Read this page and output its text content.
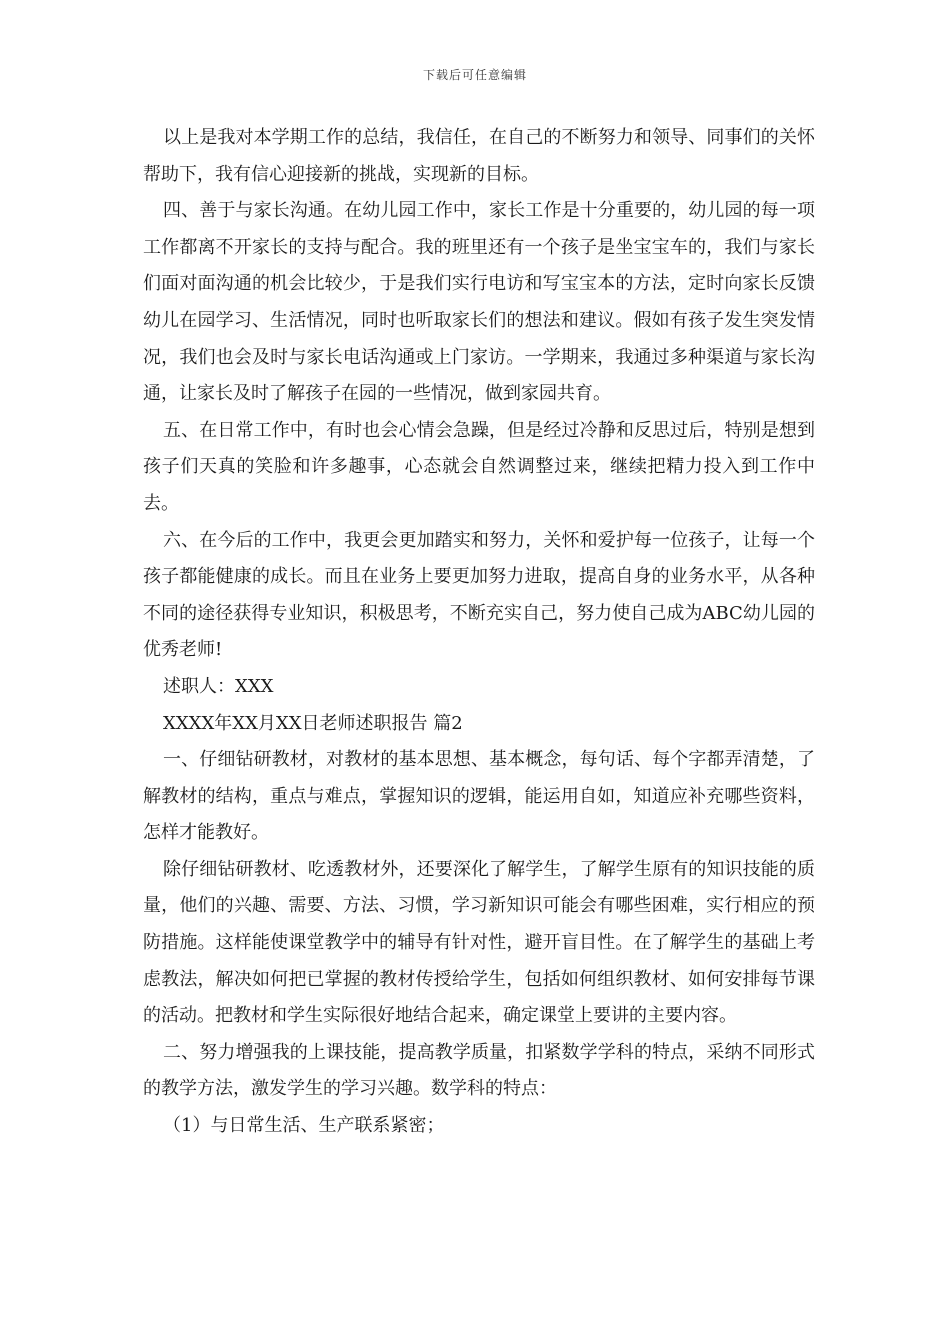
下载后可任意编辑

以上是我对本学期工作的总结，我信任，在自己的不断努力和领导、同事们的关怀帮助下，我有信心迎接新的挑战，实现新的目标。

四、善于与家长沟通。在幼儿园工作中，家长工作是十分重要的，幼儿园的每一项工作都离不开家长的支持与配合。我的班里还有一个孩子是坐宝宝车的，我们与家长们面对面沟通的机会比较少，于是我们实行电访和写宝宝本的方法，定时向家长反馈幼儿在园学习、生活情况，同时也听取家长们的想法和建议。假如有孩子发生突发情况，我们也会及时与家长电话沟通或上门家访。一学期来，我通过多种渠道与家长沟通，让家长及时了解孩子在园的一些情况，做到家园共育。

五、在日常工作中，有时也会心情会急躁，但是经过冷静和反思过后，特别是想到孩子们天真的笑脸和许多趣事，心态就会自然调整过来，继续把精力投入到工作中去。

六、在今后的工作中，我更会更加踏实和努力，关怀和爱护每一位孩子，让每一个孩子都能健康的成长。而且在业务上要更加努力进取，提高自身的业务水平，从各种不同的途径获得专业知识，积极思考，不断充实自己，努力使自己成为ABC幼儿园的优秀老师!

述职人：XXX

XXXX年XX月XX日老师述职报告 篇2

一、仔细钻研教材，对教材的基本思想、基本概念，每句话、每个字都弄清楚，了解教材的结构，重点与难点，掌握知识的逻辑，能运用自如，知道应补充哪些资料，怎样才能教好。

除仔细钻研教材、吃透教材外，还要深化了解学生，了解学生原有的知识技能的质量，他们的兴趣、需要、方法、习惯，学习新知识可能会有哪些困难，实行相应的预防措施。这样能使课堂教学中的辅导有针对性，避开盲目性。在了解学生的基础上考虑教法，解决如何把已掌握的教材传授给学生，包括如何组织教材、如何安排每节课的活动。把教材和学生实际很好地结合起来，确定课堂上要讲的主要内容。

二、努力增强我的上课技能，提高教学质量，扣紧数学学科的特点，采纳不同形式的教学方法，激发学生的学习兴趣。数学科的特点：

（1）与日常生活、生产联系紧密；
